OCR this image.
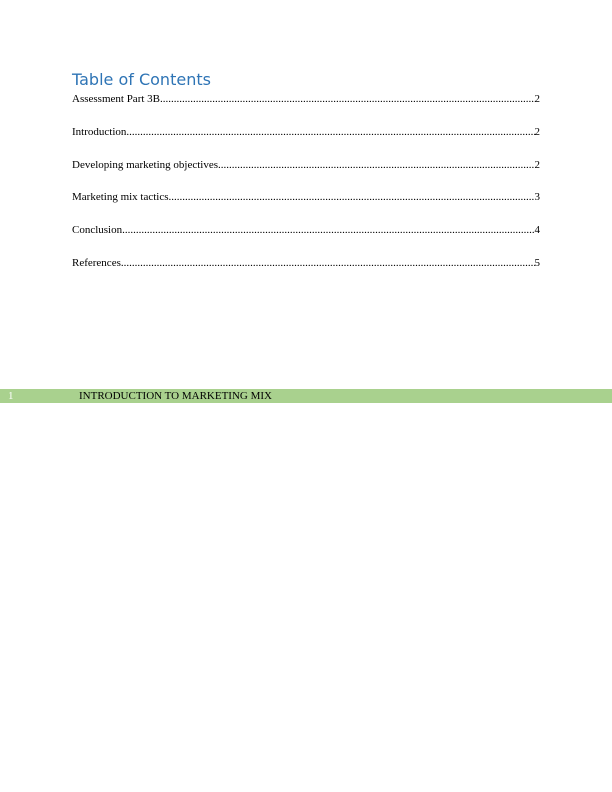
Table of Contents
Assessment Part 3B .....	2
Introduction .....	2
Developing marketing objectives .....	2
Marketing mix tactics .....	3
Conclusion .....	4
References .....	5
1	INTRODUCTION TO MARKETING MIX
